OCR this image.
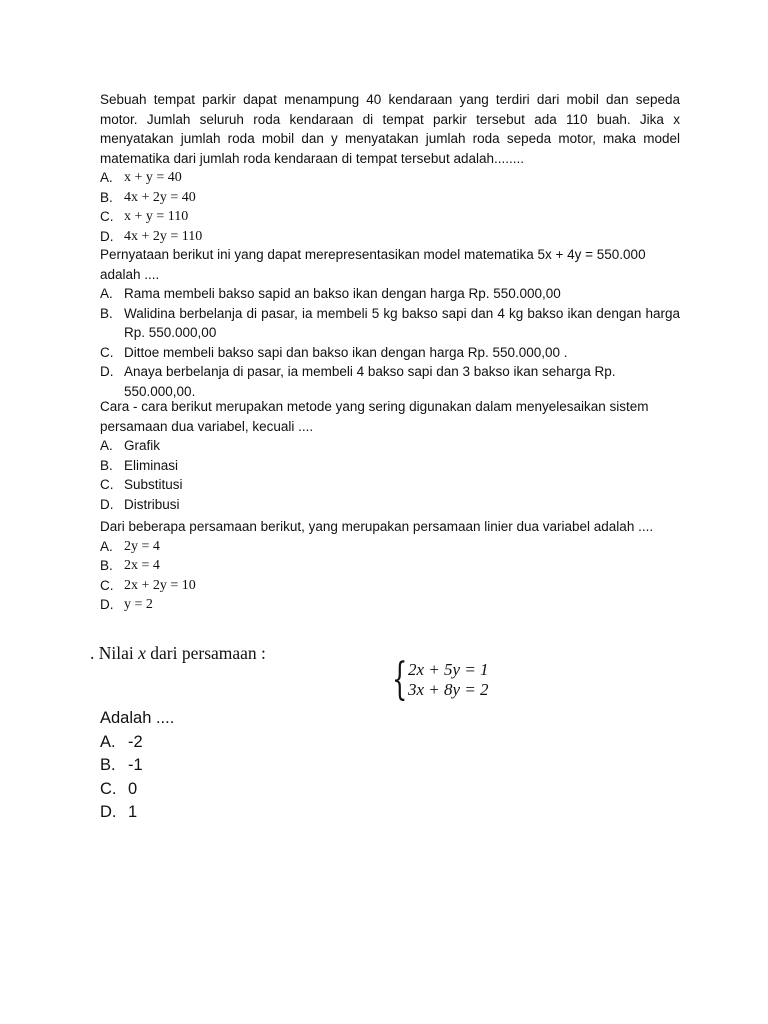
Sebuah tempat parkir dapat menampung 40 kendaraan yang terdiri dari mobil dan sepeda motor. Jumlah seluruh roda kendaraan di tempat parkir tersebut ada 110 buah. Jika x menyatakan jumlah roda mobil dan y menyatakan jumlah roda sepeda motor, maka model matematika dari jumlah roda kendaraan di tempat tersebut adalah........

A. x + y = 40
B. 4x + 2y = 40
C. x + y = 110
D. 4x + 2y = 110

Pernyataan berikut ini yang dapat merepresentasikan model matematika 5x + 4y = 550.000 adalah ....

A. Rama membeli bakso sapid an bakso ikan dengan harga Rp. 550.000,00
B. Walidina berbelanja di pasar, ia membeli 5 kg bakso sapi dan 4 kg bakso ikan dengan harga Rp. 550.000,00
C. Dittoe membeli bakso sapi dan bakso ikan dengan harga Rp. 550.000,00 .
D. Anaya berbelanja di pasar, ia membeli 4 bakso sapi dan 3 bakso ikan seharga Rp. 550.000,00.

Cara - cara berikut merupakan metode yang sering digunakan dalam menyelesaikan sistem persamaan dua variabel, kecuali ....

A. Grafik
B. Eliminasi
C. Substitusi
D. Distribusi

Dari beberapa persamaan berikut, yang merupakan persamaan linier dua variabel adalah ....

A. 2y = 4
B. 2x = 4
C. 2x + 2y = 10
D. y = 2
. Nilai x dari persamaan :
{ 2x + 5y = 1
3x + 8y = 2
Adalah ....
A. -2
B. -1
C. 0
D. 1
